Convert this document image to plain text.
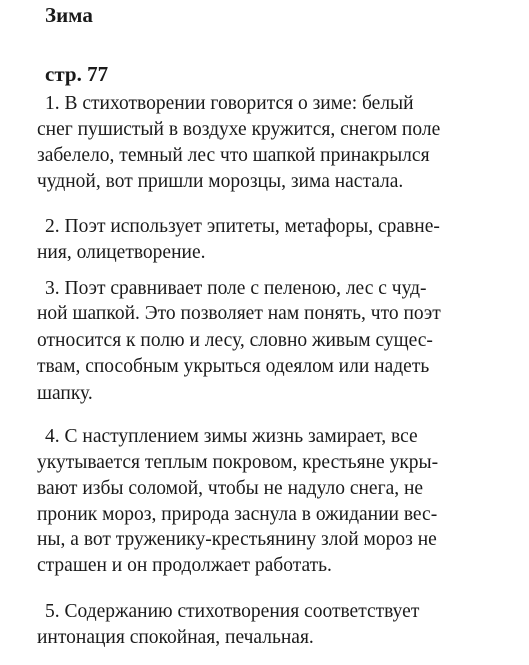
Зима
стр. 77
1. В стихотворении говорится о зиме: белый
снег пушистый в воздухе кружится, снегом поле
забелело, темный лес что шапкой принакрылся
чудной, вот пришли морозцы, зима настала.
2. Поэт использует эпитеты, метафоры, сравне-
ния, олицетворение.
3. Поэт сравнивает поле с пеленою, лес с чуд-
ной шапкой. Это позволяет нам понять, что поэт
относится к полю и лесу, словно живым сущес-
твам, способным укрыться одеялом или надеть
шапку.
4. С наступлением зимы жизнь замирает, все
укутывается теплым покровом, крестьяне укры-
вают избы соломой, чтобы не надуло снега, не
проник мороз, природа заснула в ожидании вес-
ны, а вот труженику-крестьянину злой мороз не
страшен и он продолжает работать.
5. Содержанию стихотворения соответствует
интонация спокойная, печальная.
